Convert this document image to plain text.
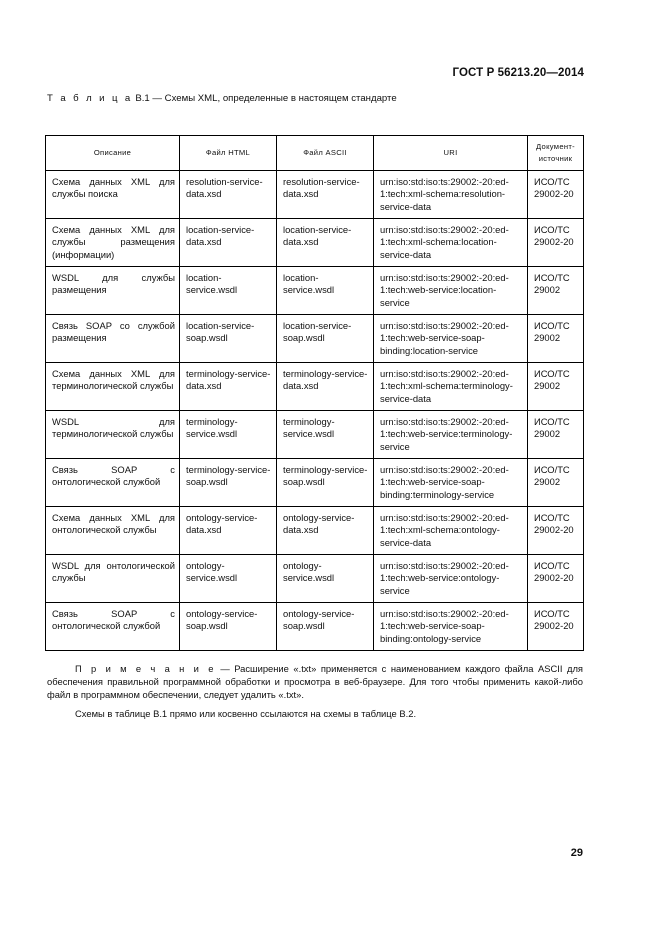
ГОСТ Р 56213.20—2014
Т а б л и ц а В.1 — Схемы XML, определенные в настоящем стандарте
Описание	Файл HTML	Файл ASCII	URI	Документ-источник
Схема данных XML для службы поиска	resolution-service-data.xsd	resolution-service-data.xsd	urn:iso:std:iso:ts:29002:-20:ed-1:tech:xml-schema:resolution-service-data	ИСО/ТС 29002-20
Схема данных XML для службы размещения (информации)	location-service-data.xsd	location-service-data.xsd	urn:iso:std:iso:ts:29002:-20:ed-1:tech:xml-schema:location-service-data	ИСО/ТС 29002-20
WSDL для службы размещения	location-service.wsdl	location-service.wsdl	urn:iso:std:iso:ts:29002:-20:ed-1:tech:web-service:location-service	ИСО/ТС 29002
Связь SOAP со службой размещения	location-service-soap.wsdl	location-service-soap.wsdl	urn:iso:std:iso:ts:29002:-20:ed-1:tech:web-service-soap-binding:location-service	ИСО/ТС 29002
Схема данных XML для терминологической службы	terminology-service-data.xsd	terminology-service-data.xsd	urn:iso:std:iso:ts:29002:-20:ed-1:tech:xml-schema:terminology-service-data	ИСО/ТС 29002
WSDL для терминологической службы	terminology-service.wsdl	terminology-service.wsdl	urn:iso:std:iso:ts:29002:-20:ed-1:tech:web-service:terminology-service	ИСО/ТС 29002
Связь SOAP с онтологической службой	terminology-service-soap.wsdl	terminology-service-soap.wsdl	urn:iso:std:iso:ts:29002:-20:ed-1:tech:web-service-soap-binding:terminology-service	ИСО/ТС 29002
Схема данных XML для онтологической службы	ontology-service-data.xsd	ontology-service-data.xsd	urn:iso:std:iso:ts:29002:-20:ed-1:tech:xml-schema:ontology-service-data	ИСО/ТС 29002-20
WSDL для онтологической службы	ontology-service.wsdl	ontology-service.wsdl	urn:iso:std:iso:ts:29002:-20:ed-1:tech:web-service:ontology-service	ИСО/ТС 29002-20
Связь SOAP с онтологической службой	ontology-service-soap.wsdl	ontology-service-soap.wsdl	urn:iso:std:iso:ts:29002:-20:ed-1:tech:web-service-soap-binding:ontology-service	ИСО/ТС 29002-20
П р и м е ч а н и е — Расширение «.txt» применяется с наименованием каждого файла ASCII для обеспечения правильной программной обработки и просмотра в веб-браузере. Для того чтобы применить какой-либо файл в программном обеспечении, следует удалить «.txt».
Схемы в таблице В.1 прямо или косвенно ссылаются на схемы в таблице В.2.
29
